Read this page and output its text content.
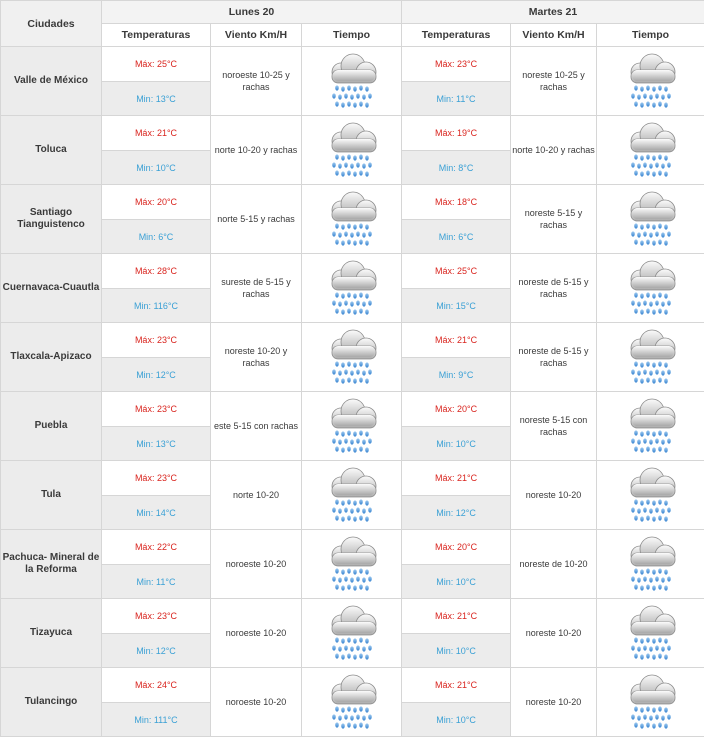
Ciudades	Lunes 20			Martes 21		
	Temperaturas	Viento Km/H	Tiempo	Temperaturas	Viento Km/H	Tiempo
Valle de México	Máx: 25°C	noroeste 10-25 y rachas		Máx: 23°C	noreste 10-25 y rachas	

	Min: 13°C			Min: 11°C		
Toluca	Máx: 21°C	norte 10-20 y rachas		Máx: 19°C	norte 10-20 y rachas	

	Min: 10°C			Min: 8°C		
Santiago Tianguistenco	Máx: 20°C	norte 5-15 y rachas		Máx: 18°C	noreste 5-15 y rachas	

	Min: 6°C			Min: 6°C		
Cuernavaca-Cuautla	Máx: 28°C	sureste de 5-15 y rachas		Máx: 25°C	noreste de 5-15 y rachas	

	Min: 116°C			Min: 15°C		
Tlaxcala-Apizaco	Máx: 23°C	noreste 10-20 y rachas		Máx: 21°C	noreste de 5-15 y rachas	

	Min: 12°C			Min: 9°C		
Puebla	Máx: 23°C	este 5-15 con rachas		Máx: 20°C	noreste 5-15 con rachas	

	Min: 13°C			Min: 10°C		
Tula	Máx: 23°C	norte 10-20		Máx: 21°C	noreste 10-20	

	Min: 14°C			Min: 12°C		
Pachuca- Mineral de la Reforma	Máx: 22°C	noroeste 10-20		Máx: 20°C	noreste de 10-20	

	Min: 11°C			Min: 10°C		
Tizayuca	Máx: 23°C	noroeste 10-20		Máx: 21°C	noreste 10-20	

	Min: 12°C			Min: 10°C		
Tulancingo	Máx: 24°C	noroeste 10-20		Máx: 21°C	noreste 10-20	

	Min: 111°C			Min: 10°C		
